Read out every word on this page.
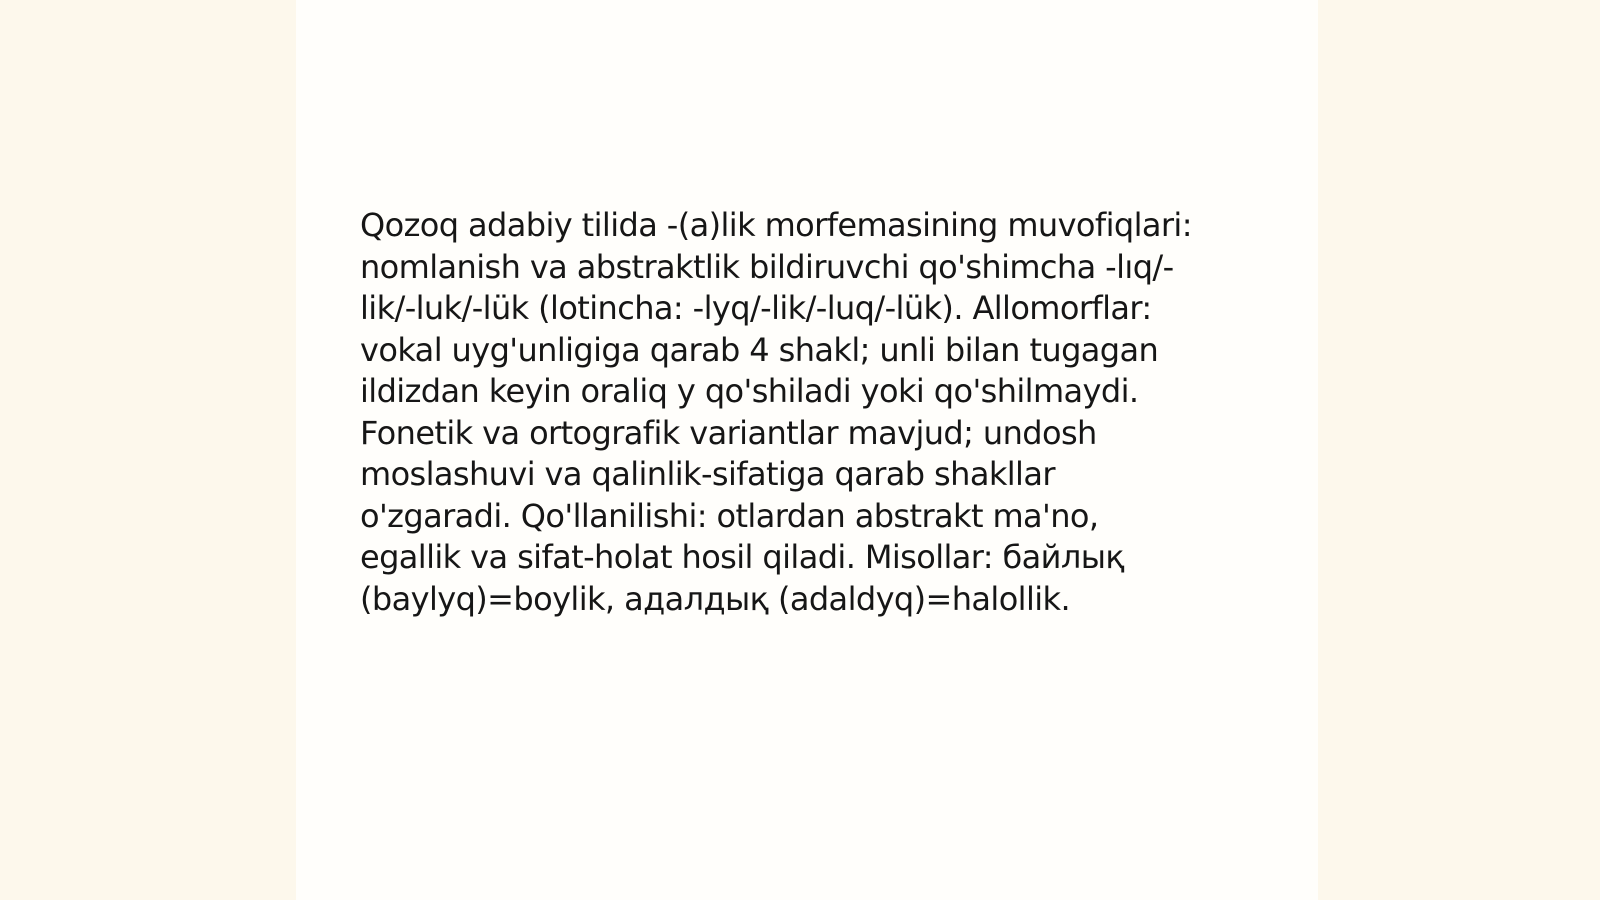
Qozoq adabiy tilida -(a)lik morfemasining muvofiqlari:
nomlanish va abstraktlik bildiruvchi qo'shimcha -lıq/-
lik/-luk/-lük (lotincha: -lyq/-lik/-luq/-lük). Allomorflar:
vokal uyg'unligiga qarab 4 shakl; unli bilan tugagan
ildizdan keyin oraliq y qo'shiladi yoki qo'shilmaydi.
Fonetik va ortografik variantlar mavjud; undosh
moslashuvi va qalinlik-sifatiga qarab shakllar
o'zgaradi. Qo'llanilishi: otlardan abstrakt ma'no,
egallik va sifat-holat hosil qiladi. Misollar: байлық
(baylyq)=boylik, адалдық (adaldyq)=halollik.
